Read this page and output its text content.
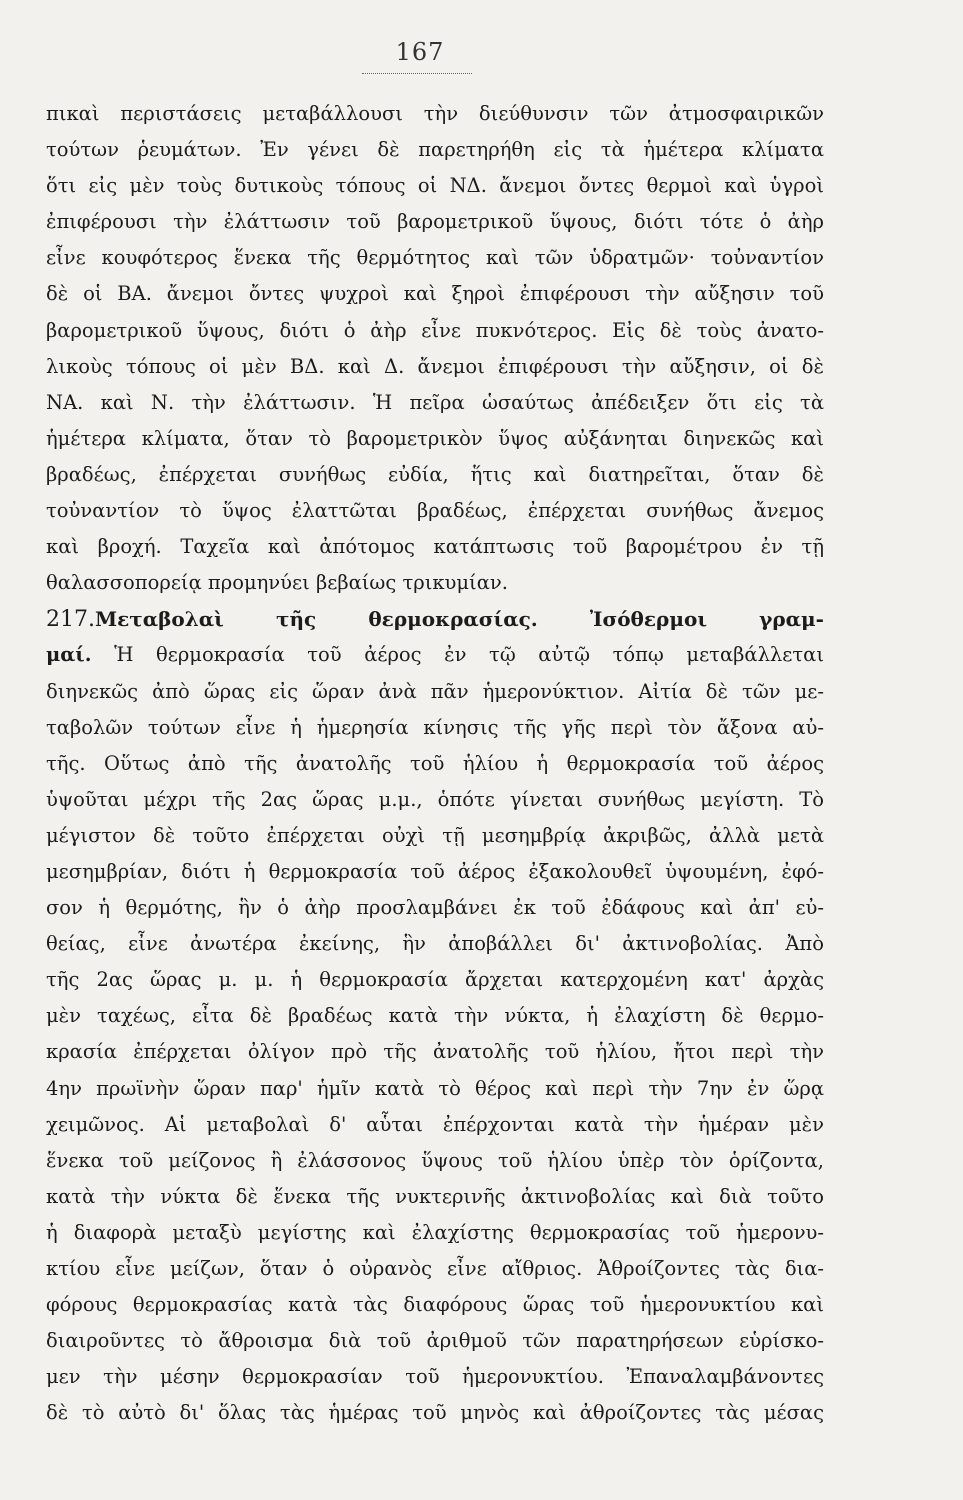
167
πικαὶ περιστάσεις μεταβάλλουσι τὴν διεύθυνσιν τῶν ἀτμοσφαιρικῶν
τούτων ῥευμάτων. Ἐν γένει δὲ παρετηρήθη εἰς τὰ ἡμέτερα κλίματα
ὅτι εἰς μὲν τοὺς δυτικοὺς τόπους οἱ ΝΔ. ἄνεμοι ὄντες θερμοὶ καὶ ὑγροὶ
ἐπιφέρουσι τὴν ἐλάττωσιν τοῦ βαρομετρικοῦ ὕψους, διότι τότε ὁ ἀὴρ
εἶνε κουφότερος ἕνεκα τῆς θερμότητος καὶ τῶν ὑδρατμῶν· τοὐναντίον
δὲ οἱ ΒΑ. ἄνεμοι ὄντες ψυχροὶ καὶ ξηροὶ ἐπιφέρουσι τὴν αὔξησιν τοῦ
βαρομετρικοῦ ὕψους, διότι ὁ ἀὴρ εἶνε πυκνότερος. Εἰς δὲ τοὺς ἀνατο-
λικοὺς τόπους οἱ μὲν ΒΔ. καὶ Δ. ἄνεμοι ἐπιφέρουσι τὴν αὔξησιν, οἱ δὲ
ΝΑ. καὶ Ν. τὴν ἐλάττωσιν. Ἡ πεῖρα ὡσαύτως ἀπέδειξεν ὅτι εἰς τὰ
ἡμέτερα κλίματα, ὅταν τὸ βαρομετρικὸν ὕψος αὐξάνηται διηνεκῶς καὶ
βραδέως, ἐπέρχεται συνήθως εὐδία, ἥτις καὶ διατηρεῖται, ὅταν δὲ
τοὐναντίον τὸ ὕψος ἐλαττῶται βραδέως, ἐπέρχεται συνήθως ἄνεμος
καὶ βροχή. Ταχεῖα καὶ ἀπότομος κατάπτωσις τοῦ βαρομέτρου ἐν τῇ
θαλασσοπορείᾳ προμηνύει βεβαίως τρικυμίαν.
217.Μεταβολαὶ τῆς θερμοκρασίας. Ἰσόθερμοι γραμ-
μαί. Ἡ θερμοκρασία τοῦ ἀέρος ἐν τῷ αὐτῷ τόπῳ μεταβάλλεται
διηνεκῶς ἀπὸ ὥρας εἰς ὥραν ἀνὰ πᾶν ἡμερονύκτιον. Αἰτία δὲ τῶν με-
ταβολῶν τούτων εἶνε ἡ ἡμερησία κίνησις τῆς γῆς περὶ τὸν ἄξονα αὐ-
τῆς. Οὕτως ἀπὸ τῆς ἀνατολῆς τοῦ ἡλίου ἡ θερμοκρασία τοῦ ἀέρος
ὑψοῦται μέχρι τῆς 2ας ὥρας μ.μ., ὁπότε γίνεται συνήθως μεγίστη. Τὸ
μέγιστον δὲ τοῦτο ἐπέρχεται οὐχὶ τῇ μεσημβρίᾳ ἀκριβῶς, ἀλλὰ μετὰ
μεσημβρίαν, διότι ἡ θερμοκρασία τοῦ ἀέρος ἐξακολουθεῖ ὑψουμένη, ἐφό-
σον ἡ θερμότης, ἣν ὁ ἀὴρ προσλαμβάνει ἐκ τοῦ ἐδάφους καὶ ἀπ' εὐ-
θείας, εἶνε ἀνωτέρα ἐκείνης, ἣν ἀποβάλλει δι' ἀκτινοβολίας. Ἀπὸ
τῆς 2ας ὥρας μ. μ. ἡ θερμοκρασία ἄρχεται κατερχομένη κατ' ἀρχὰς
μὲν ταχέως, εἶτα δὲ βραδέως κατὰ τὴν νύκτα, ἡ ἐλαχίστη δὲ θερμο-
κρασία ἐπέρχεται ὀλίγον πρὸ τῆς ἀνατολῆς τοῦ ἡλίου, ἤτοι περὶ τὴν
4ην πρωϊνὴν ὥραν παρ' ἡμῖν κατὰ τὸ θέρος καὶ περὶ τὴν 7ην ἐν ὥρᾳ
χειμῶνος. Αἱ μεταβολαὶ δ' αὗται ἐπέρχονται κατὰ τὴν ἡμέραν μὲν
ἕνεκα τοῦ μείζονος ἢ ἐλάσσονος ὕψους τοῦ ἡλίου ὑπὲρ τὸν ὁρίζοντα,
κατὰ τὴν νύκτα δὲ ἕνεκα τῆς νυκτερινῆς ἀκτινοβολίας καὶ διὰ τοῦτο
ἡ διαφορὰ μεταξὺ μεγίστης καὶ ἐλαχίστης θερμοκρασίας τοῦ ἡμερονυ-
κτίου εἶνε μείζων, ὅταν ὁ οὐρανὸς εἶνε αἴθριος. Ἀθροίζοντες τὰς δια-
φόρους θερμοκρασίας κατὰ τὰς διαφόρους ὥρας τοῦ ἡμερονυκτίου καὶ
διαιροῦντες τὸ ἄθροισμα διὰ τοῦ ἀριθμοῦ τῶν παρατηρήσεων εὑρίσκο-
μεν τὴν μέσην θερμοκρασίαν τοῦ ἡμερονυκτίου. Ἐπαναλαμβάνοντες
δὲ τὸ αὐτὸ δι' ὅλας τὰς ἡμέρας τοῦ μηνὸς καὶ ἀθροίζοντες τὰς μέσας
